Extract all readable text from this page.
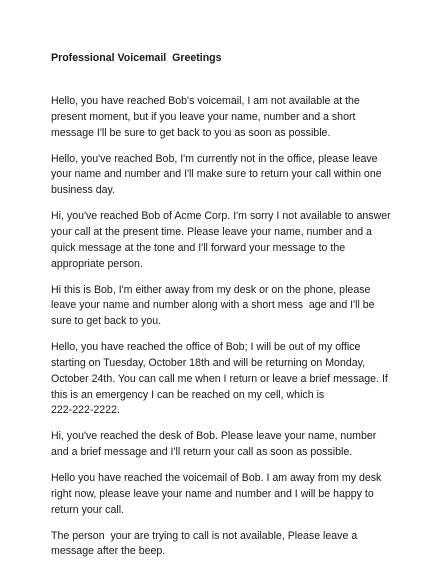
Professional Voicemail  Greetings

Hello, you have reached Bob's voicemail, I am not available at the
present moment, but if you leave your name, number and a short
message I'll be sure to get back to you as soon as possible.

Hello, you've reached Bob, I'm currently not in the office, please leave
your name and number and I'll make sure to return your call within one
business day.

Hi, you've reached Bob of Acme Corp. I'm sorry I not available to answer
your call at the present time. Please leave your name, number and a
quick message at the tone and I'll forward your message to the
appropriate person.

Hi this is Bob, I'm either away from my desk or on the phone, please
leave your name and number along with a short mess  age and I'll be
sure to get back to you.

Hello, you have reached the office of Bob; I will be out of my office
starting on Tuesday, October 18th and will be returning on Monday,
October 24th. You can call me when I return or leave a brief message. If
this is an emergency I can be reached on my cell, which is
222-222-2222.

Hi, you've reached the desk of Bob. Please leave your name, number
and a brief message and I'll return your call as soon as possible.

Hello you have reached the voicemail of Bob. I am away from my desk
right now, please leave your name and number and I will be happy to
return your call.

The person  your are trying to call is not available, Please leave a
message after the beep.
